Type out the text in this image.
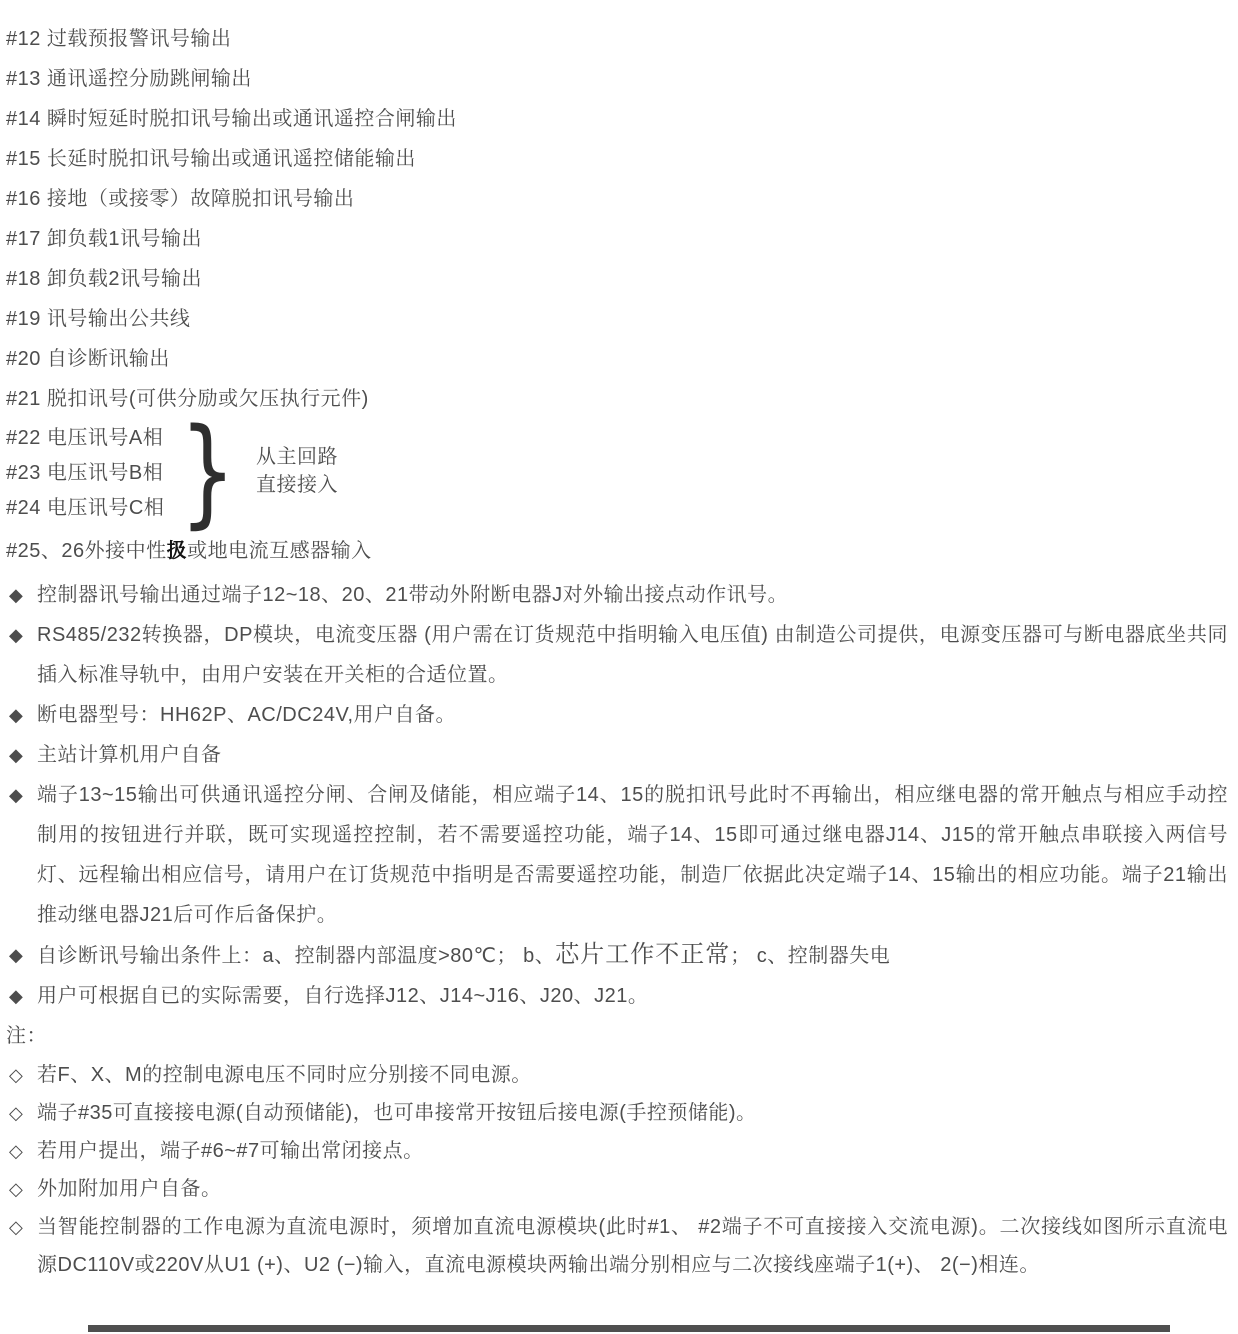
#12 过载预报警讯号输出
#13 通讯遥控分励跳闸输出
#14 瞬时短延时脱扣讯号输出或通讯遥控合闸输出
#15 长延时脱扣讯号输出或通讯遥控储能输出
#16 接地（或接零）故障脱扣讯号输出
#17 卸负载1讯号输出
#18 卸负载2讯号输出
#19 讯号输出公共线
#20 自诊断讯输出
#21 脱扣讯号(可供分励或欠压执行元件)
#22 电压讯号A相
#23 电压讯号B相
#24 电压讯号C相 } 从主回路
直接接入
#25、26外接中性 扱 或地电流互感器输入
◆ 控制器讯号输出通过端子12~18、20、21带动外附断电器J对外输出接点动作讯号。
◆ RS485/232转换器，DP模块，电流变压器 (用户需在订货规范中指明输入电压值) 由制造公司提供，电源变压器可与断电器底坐共同插入标准导轨中，由用户安装在开关柜的合适位置。
◆ 断电器型号：HH62P、AC/DC24V,用户自备。
◆ 主站计算机用户自备
◆ 端子13~15输出可供通讯遥控分闸、合闸及储能，相应端子14、15的脱扣讯号此时不再输出，相应继电器的常开触点与相应手动控制用的按钮进行并联，既可实现遥控控制，若不需要遥控功能，端子14、15即可通过继电器J14、J15的常开触点串联接入两信号灯、远程输出相应信号，请用户在订货规范中指明是否需要遥控功能，制造厂依据此决定端子14、15输出的相应功能。端子21输出推动继电器J21后可作后备保护。
◆ 自诊断讯号输出条件上：a、控制器内部温度>80℃； b、芯片工作不正常； c、控制器失电
◆ 用户可根据自已的实际需要，自行选择J12、J14~J16、J20、J21。
注：
◇ 若F、X、M的控制电源电压不同时应分别接不同电源。
◇ 端子#35可直接接电源(自动预储能)，也可串接常开按钮后接电源(手控预储能)。
◇ 若用户提出，端子#6~#7可输出常闭接点。
◇ 外加附加用户自备。
◇ 当智能控制器的工作电源为直流电源时，须增加直流电源模块(此时#1、 #2端子不可直接接入交流电源)。二次接线如图所示直流电源DC110V或220V从U1 (+)、U2 (−)输入，直流电源模块两输出端分别相应与二次接线座端子1(+)、 2(−)相连。
